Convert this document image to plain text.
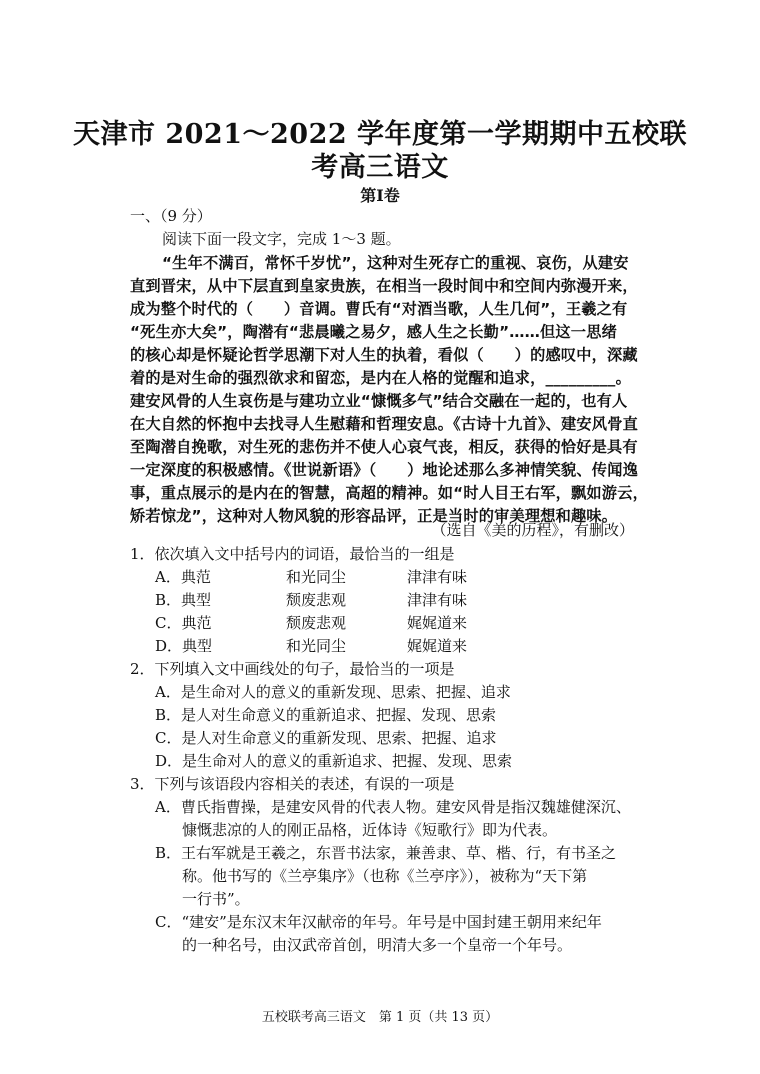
天津市 2021～2022 学年度第一学期期中五校联
考高三语文
第Ⅰ卷
一、（9 分）
阅读下面一段文字，完成 1～3 题。
“生年不满百，常怀千岁忧”，这种对生死存亡的重视、哀伤，从建安
直到晋宋，从中下层直到皇家贵族，在相当一段时间中和空间内弥漫开来，
成为整个时代的（　　）音调。曹氏有“对酒当歌，人生几何”，王羲之有
“死生亦大矣”，陶潜有“悲晨曦之易夕，感人生之长勤”……但这一思绪
的核心却是怀疑论哲学思潮下对人生的执着，看似（　　）的感叹中，深藏
着的是对生命的强烈欲求和留恋，是内在人格的觉醒和追求，_________。
建安风骨的人生哀伤是与建功立业“慷慨多气”结合交融在一起的，也有人
在大自然的怀抱中去找寻人生慰藉和哲理安息。《古诗十九首》、建安风骨直
至陶潜自挽歌，对生死的悲伤并不使人心哀气丧，相反，获得的恰好是具有
一定深度的积极感情。《世说新语》（　　）地论述那么多神情笑貌、传闻逸
事，重点展示的是内在的智慧，高超的精神。如“时人目王右军，飘如游云，
矫若惊龙”，这种对人物风貌的形容品评，正是当时的审美理想和趣味。
（选自《美的历程》，有删改）
1．依次填入文中括号内的词语，最恰当的一组是
A．典范	和光同尘	津津有味
B．典型	颓废悲观	津津有味
C．典范	颓废悲观	娓娓道来
D．典型	和光同尘	娓娓道来
2．下列填入文中画线处的句子，最恰当的一项是
A．是生命对人的意义的重新发现、思索、把握、追求
B．是人对生命意义的重新追求、把握、发现、思索
C．是人对生命意义的重新发现、思索、把握、追求
D．是生命对人的意义的重新追求、把握、发现、思索
3．下列与该语段内容相关的表述，有误的一项是
A．曹氏指曹操，是建安风骨的代表人物。建安风骨是指汉魏雄健深沉、
慷慨悲凉的人的刚正品格，近体诗《短歌行》即为代表。
B．王右军就是王羲之，东晋书法家，兼善隶、草、楷、行，有书圣之
称。他书写的《兰亭集序》（也称《兰亭序》），被称为“天下第
一行书”。
C．“建安”是东汉末年汉献帝的年号。年号是中国封建王朝用来纪年
的一种名号，由汉武帝首创，明清大多一个皇帝一个年号。
五校联考高三语文　第 1 页（共 13 页）
